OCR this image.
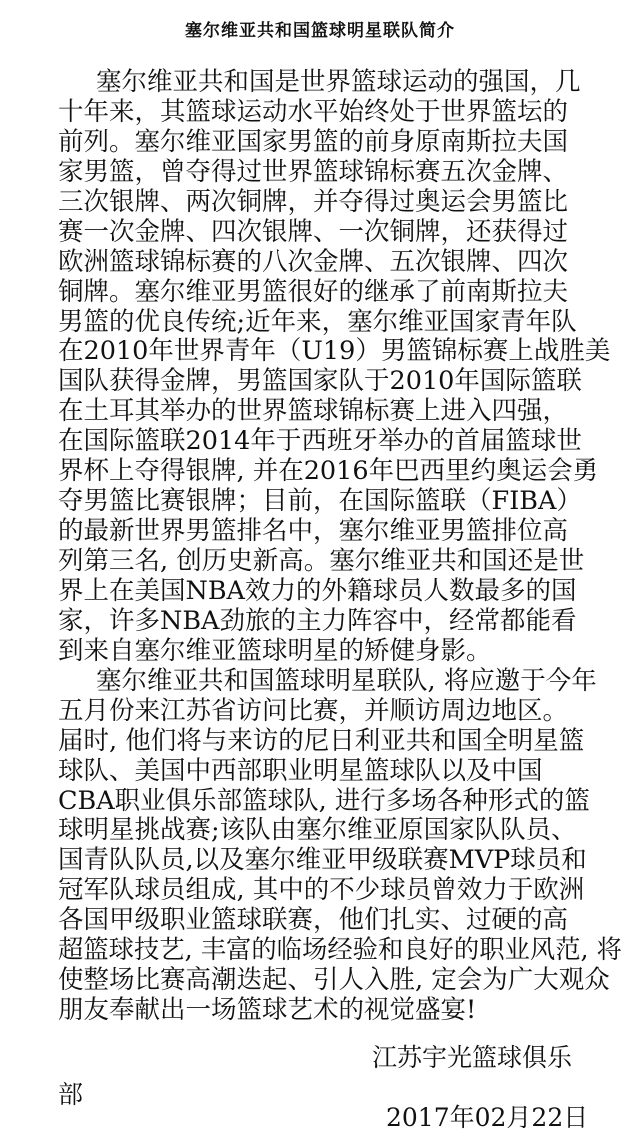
塞尔维亚共和国篮球明星联队简介
塞尔维亚共和国是世界篮球运动的强国，几
十年来，其篮球运动水平始终处于世界篮坛的
前列。塞尔维亚国家男篮的前身原南斯拉夫国
家男篮，曾夺得过世界篮球锦标赛五次金牌、
三次银牌、两次铜牌，并夺得过奥运会男篮比
赛一次金牌、四次银牌、一次铜牌，还获得过
欧洲篮球锦标赛的八次金牌、五次银牌、四次
铜牌。塞尔维亚男篮很好的继承了前南斯拉夫
男篮的优良传统;近年来，塞尔维亚国家青年队
在2010年世界青年（U19）男篮锦标赛上战胜美
国队获得金牌，男篮国家队于2010年国际篮联
在土耳其举办的世界篮球锦标赛上进入四强，
在国际篮联2014年于西班牙举办的首届篮球世
界杯上夺得银牌, 并在2016年巴西里约奥运会勇
夺男篮比赛银牌；目前，在国际篮联（FIBA）
的最新世界男篮排名中，塞尔维亚男篮排位高
列第三名, 创历史新高。塞尔维亚共和国还是世
界上在美国NBA效力的外籍球员人数最多的国
家，许多NBA劲旅的主力阵容中，经常都能看
到来自塞尔维亚篮球明星的矫健身影。
塞尔维亚共和国篮球明星联队, 将应邀于今年
五月份来江苏省访问比赛，并顺访周边地区。
届时, 他们将与来访的尼日利亚共和国全明星篮
球队、美国中西部职业明星篮球队以及中国
CBA职业俱乐部篮球队, 进行多场各种形式的篮
球明星挑战赛;该队由塞尔维亚原国家队队员、
国青队队员,以及塞尔维亚甲级联赛MVP球员和
冠军队球员组成, 其中的不少球员曾效力于欧洲
各国甲级职业篮球联赛，他们扎实、过硬的高
超篮球技艺, 丰富的临场经验和良好的职业风范, 将
使整场比赛高潮迭起、引人入胜, 定会为广大观众
朋友奉献出一场篮球艺术的视觉盛宴!
江苏宇光篮球俱乐
部
2017年02月22日
